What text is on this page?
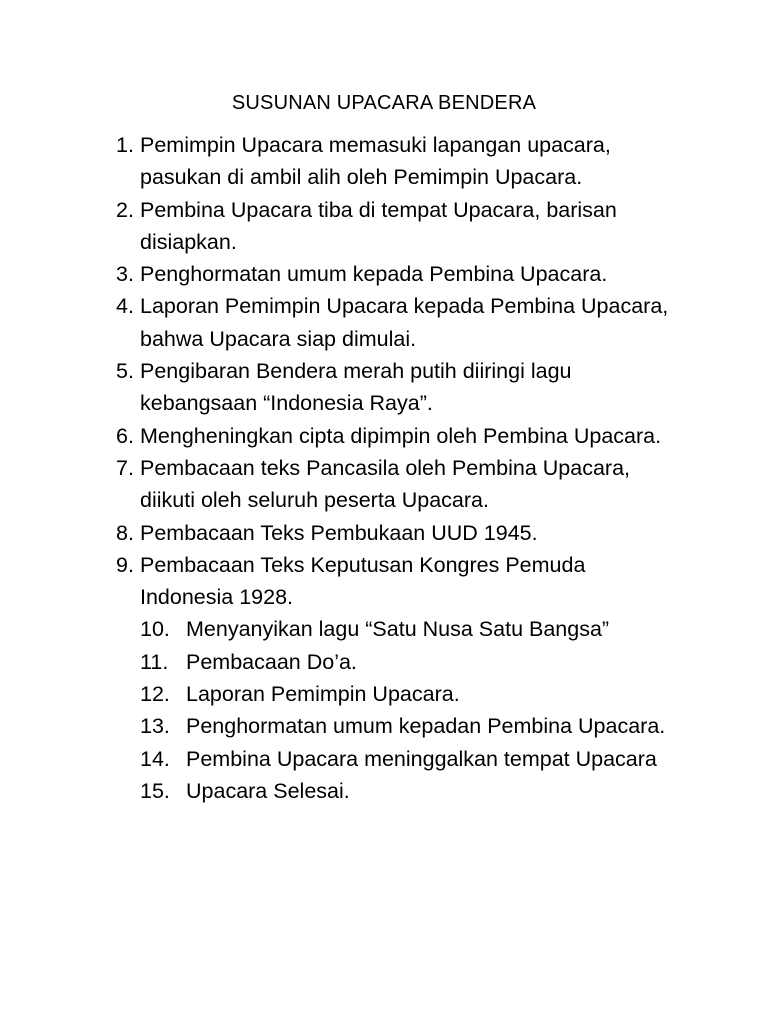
SUSUNAN UPACARA BENDERA
1. Pemimpin Upacara memasuki lapangan upacara, pasukan di ambil alih oleh Pemimpin Upacara.
2. Pembina Upacara tiba di tempat Upacara, barisan disiapkan.
3. Penghormatan umum kepada Pembina Upacara.
4. Laporan Pemimpin Upacara kepada Pembina Upacara, bahwa Upacara siap dimulai.
5. Pengibaran Bendera merah putih diiringi lagu kebangsaan “Indonesia Raya”.
6. Mengheningkan cipta dipimpin oleh Pembina Upacara.
7. Pembacaan teks Pancasila oleh Pembina Upacara, diikuti oleh seluruh peserta Upacara.
8. Pembacaan Teks Pembukaan UUD 1945.
9. Pembacaan Teks Keputusan Kongres Pemuda Indonesia 1928.
10. Menyanyikan lagu “Satu Nusa Satu Bangsa”
11. Pembacaan Do’a.
12. Laporan Pemimpin Upacara.
13. Penghormatan umum kepadan Pembina Upacara.
14. Pembina Upacara meninggalkan tempat Upacara
15. Upacara Selesai.
